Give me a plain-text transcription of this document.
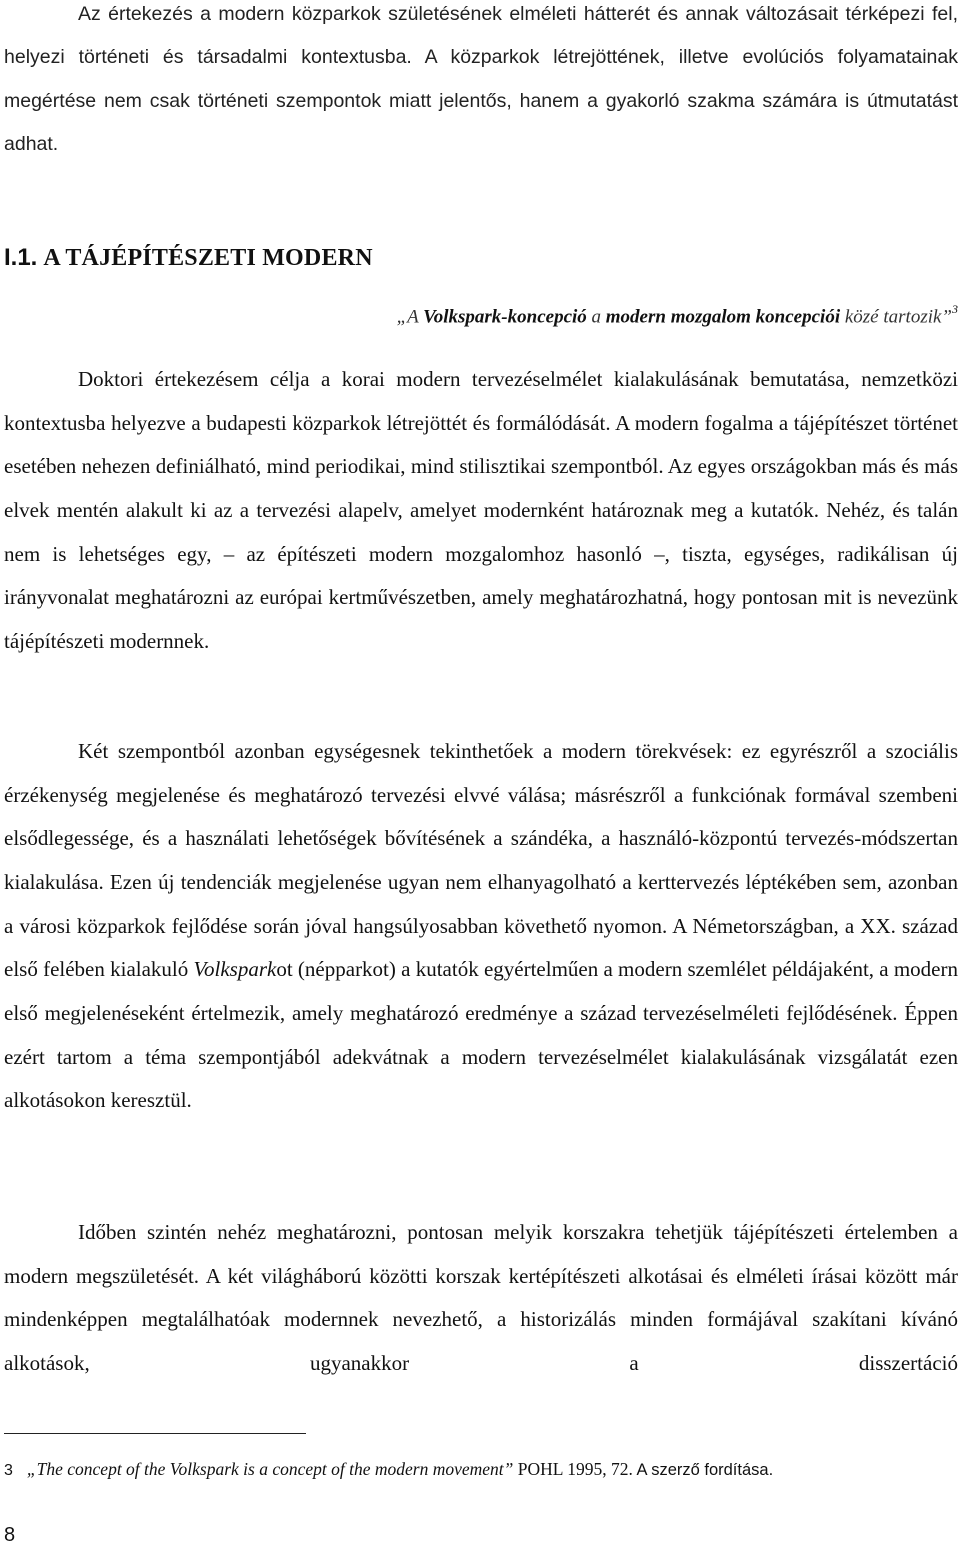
Az értekezés a modern közparkok születésének elméleti hátterét és annak változásait térképezi fel, helyezi történeti és társadalmi kontextusba. A közparkok létrejöttének, illetve evolúciós folyamatainak megértése nem csak történeti szempontok miatt jelentős, hanem a gyakorló szakma számára is útmutatást adhat.

I.1. A TÁJÉPÍTÉSZETI MODERN

„A Volkspark-koncepció a modern mozgalom koncepciói közé tartozik”$^3$

Doktori értekezésem célja a korai modern tervezéselmélet kialakulásának bemutatása, nemzetközi kontextusba helyezve a budapesti közparkok létrejöttét és formálódását. A modern fogalma a tájépítészet történet esetében nehezen definiálható, mind periodikai, mind stilisztikai szempontból. Az egyes országokban más és más elvek mentén alakult ki az a tervezési alapelv, amelyet modernként határoznak meg a kutatók. Nehéz, és talán nem is lehetséges egy, – az építészeti modern mozgalomhoz hasonló –, tiszta, egységes, radikálisan új irányvonalat meghatározni az európai kertművészetben, amely meghatározhatná, hogy pontosan mit is nevezünk tájépítészeti modernnek.

Két szempontból azonban egységesnek tekinthetőek a modern törekvések: ez egyrészről a szociális érzékenység megjelenése és meghatározó tervezési elvvé válása; másrészről a funkciónak formával szembeni elsődlegessége, és a használati lehetőségek bővítésének a szándéka, a használó-központú tervezés-módszertan kialakulása. Ezen új tendenciák megjelenése ugyan nem elhanyagolható a kerttervezés léptékében sem, azonban a városi közparkok fejlődése során jóval hangsúlyosabban követhető nyomon. A Németországban, a XX. század első felében kialakuló Volksparkot (népparkot) a kutatók egyértelműen a modern szemlélet példájaként, a modern első megjelenéseként értelmezik, amely meghatározó eredménye a század tervezéselméleti fejlődésének. Éppen ezért tartom a téma szempontjából adekvátnak a modern tervezéselmélet kialakulásának vizsgálatát ezen alkotásokon keresztül.

Időben szintén nehéz meghatározni, pontosan melyik korszakra tehetjük tájépítészeti értelemben a modern megszületését. A két világháború közötti korszak kertépítészeti alkotásai és elméleti írásai között már mindenképpen megtalálhatóak modernnek nevezhető, a historizálás minden formájával szakítani kívánó alkotások, ugyanakkor a disszertáció

3 „The concept of the Volkspark is a concept of the modern movement” POHL 1995, 72. A szerző fordítása.

8
